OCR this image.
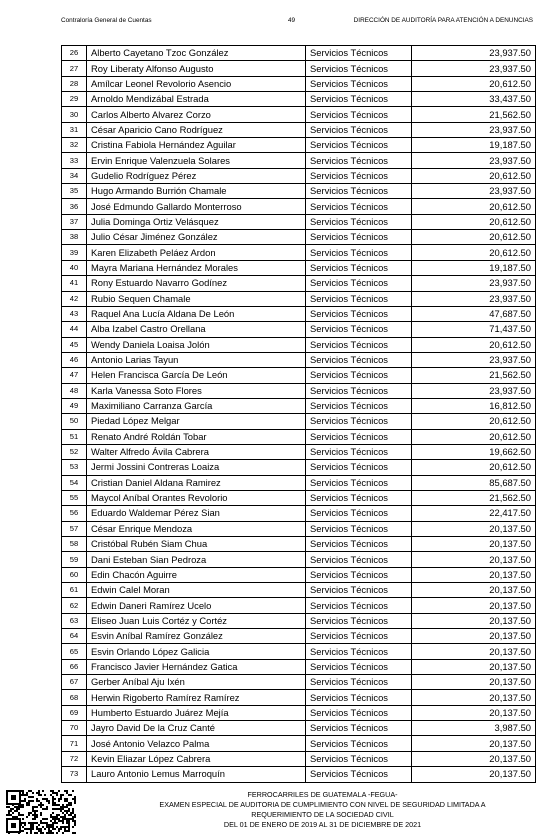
Contraloría General de Cuentas	49	DIRECCIÓN DE AUDITORÍA PARA ATENCIÓN A DENUNCIAS
26	Alberto Cayetano Tzoc González	Servicios Técnicos	23,937.50
27	Roy Liberaty Alfonso Augusto	Servicios Técnicos	23,937.50
28	Amílcar Leonel Revolorio Asencio	Servicios Técnicos	20,612.50
29	Arnoldo Mendizábal Estrada	Servicios Técnicos	33,437.50
30	Carlos Alberto Alvarez Corzo	Servicios Técnicos	21,562.50
31	César Aparicio Cano Rodríguez	Servicios Técnicos	23,937.50
32	Cristina Fabiola Hernández Aguilar	Servicios Técnicos	19,187.50
33	Ervin Enrique Valenzuela Solares	Servicios Técnicos	23,937.50
34	Gudelio Rodríguez Pérez	Servicios Técnicos	20,612.50
35	Hugo Armando Burrión Chamale	Servicios Técnicos	23,937.50
36	José Edmundo Gallardo Monterroso	Servicios Técnicos	20,612.50
37	Julia Dominga Ortiz Velásquez	Servicios Técnicos	20,612.50
38	Julio César Jiménez González	Servicios Técnicos	20,612.50
39	Karen Elizabeth Peláez Ardon	Servicios Técnicos	20,612.50
40	Mayra Mariana Hernández Morales	Servicios Técnicos	19,187.50
41	Rony Estuardo Navarro Godínez	Servicios Técnicos	23,937.50
42	Rubio Sequen Chamale	Servicios Técnicos	23,937.50
43	Raquel Ana Lucía Aldana De León	Servicios Técnicos	47,687.50
44	Alba Izabel Castro Orellana	Servicios Técnicos	71,437.50
45	Wendy Daniela Loaisa Jolón	Servicios Técnicos	20,612.50
46	Antonio Larias Tayun	Servicios Técnicos	23,937.50
47	Helen Francisca García De León	Servicios Técnicos	21,562.50
48	Karla Vanessa Soto Flores	Servicios Técnicos	23,937.50
49	Maximiliano Carranza García	Servicios Técnicos	16,812.50
50	Piedad López Melgar	Servicios Técnicos	20,612.50
51	Renato André Roldán Tobar	Servicios Técnicos	20,612.50
52	Walter Alfredo Ávila Cabrera	Servicios Técnicos	19,662.50
53	Jermi Jossini Contreras Loaiza	Servicios Técnicos	20,612.50
54	Cristian Daniel Aldana Ramirez	Servicios Técnicos	85,687.50
55	Maycol Aníbal Orantes Revolorio	Servicios Técnicos	21,562.50
56	Eduardo Waldemar Pérez Sian	Servicios Técnicos	22,417.50
57	César Enrique Mendoza	Servicios Técnicos	20,137.50
58	Cristóbal Rubén Siam Chua	Servicios Técnicos	20,137.50
59	Dani Esteban Sian Pedroza	Servicios Técnicos	20,137.50
60	Edin Chacón Aguirre	Servicios Técnicos	20,137.50
61	Edwin Calel Moran	Servicios Técnicos	20,137.50
62	Edwin Daneri Ramírez Ucelo	Servicios Técnicos	20,137.50
63	Eliseo Juan Luis Cortéz y Cortéz	Servicios Técnicos	20,137.50
64	Esvin Aníbal Ramírez González	Servicios Técnicos	20,137.50
65	Esvin Orlando López Galicia	Servicios Técnicos	20,137.50
66	Francisco Javier Hernández Gatica	Servicios Técnicos	20,137.50
67	Gerber Aníbal Aju Ixén	Servicios Técnicos	20,137.50
68	Herwin Rigoberto Ramírez Ramírez	Servicios Técnicos	20,137.50
69	Humberto Estuardo Juárez Mejía	Servicios Técnicos	20,137.50
70	Jayro David De la Cruz Canté	Servicios Técnicos	3,987.50
71	José Antonio Velazco Palma	Servicios Técnicos	20,137.50
72	Kevin Eliazar López Cabrera	Servicios Técnicos	20,137.50
73	Lauro Antonio Lemus Marroquín	Servicios Técnicos	20,137.50
FERROCARRILES DE GUATEMALA -FEGUA-
EXAMEN ESPECIAL DE AUDITORIA DE CUMPLIMIENTO CON NIVEL DE SEGURIDAD LIMITADA A
REQUERIMIENTO DE LA SOCIEDAD CIVIL
DEL 01 DE ENERO DE 2019 AL 31 DE DICIEMBRE DE 2021
